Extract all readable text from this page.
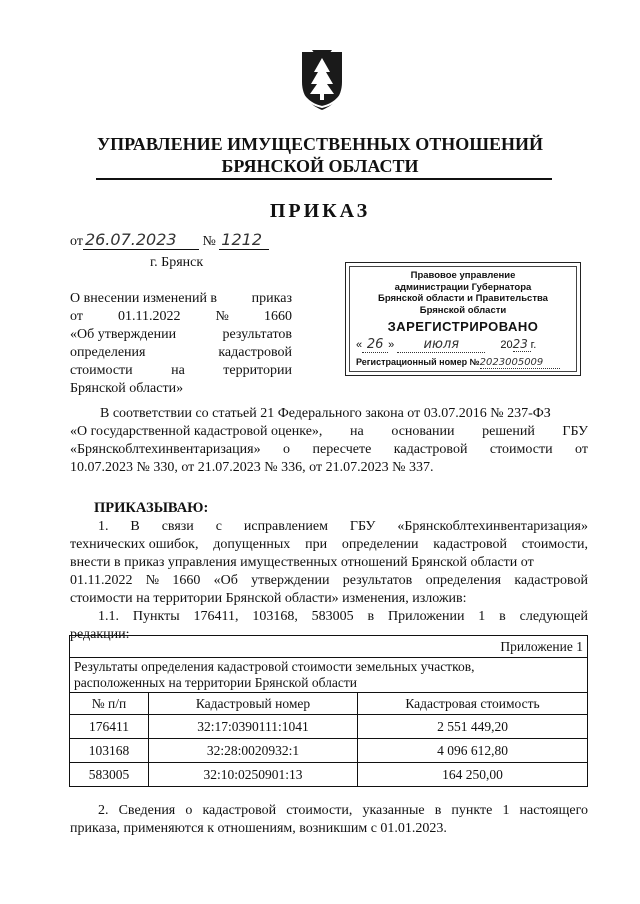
УПРАВЛЕНИЕ ИМУЩЕСТВЕННЫХ ОТНОШЕНИЙ
БРЯНСКОЙ ОБЛАСТИ
ПРИКАЗ
от 26.07.2023 № 1212
г. Брянск
О внесении изменений в приказ
от	01.11.2022	№	1660
«Об утверждении	результатов
определения	кадастровой
стоимости	на	территории
Брянской области»
Правовое управление
администрации Губернатора
Брянской области и Правительства
Брянской области
ЗАРЕГИСТРИРОВАНО
« 26 » июля	2023 г.
Регистрационный номер №2023005009
В соответствии со статьей 21 Федерального закона от 03.07.2016 № 237-ФЗ
«О государственной кадастровой оценке», на основании решений ГБУ
«Брянскоблтехинвентаризация» о пересчете кадастровой стоимости от
10.07.2023 № 330, от 21.07.2023 № 336, от 21.07.2023 № 337.
ПРИКАЗЫВАЮ:
1. В связи с исправлением ГБУ «Брянскоблтехинвентаризация»
технических ошибок, допущенных при определении кадастровой стоимости,
внести в приказ управления имущественных отношений Брянской области от
01.11.2022 № 1660 «Об утверждении результатов определения кадастровой
стоимости на территории Брянской области» изменения, изложив:
1.1. Пункты 176411, 103168, 583005 в Приложении 1 в следующей
редакции:
Приложение 1		

Результаты определения кадастровой стоимости земельных участков,
расположенных на территории Брянской области		

№ п/п	Кадастровый номер	Кадастровая стоимость
176411	32:17:0390111:1041	2 551 449,20
103168	32:28:0020932:1	4 096 612,80
583005	32:10:0250901:13	164 250,00
2. Сведения о кадастровой стоимости, указанные в пункте 1 настоящего
приказа, применяются к отношениям, возникшим с 01.01.2023.
